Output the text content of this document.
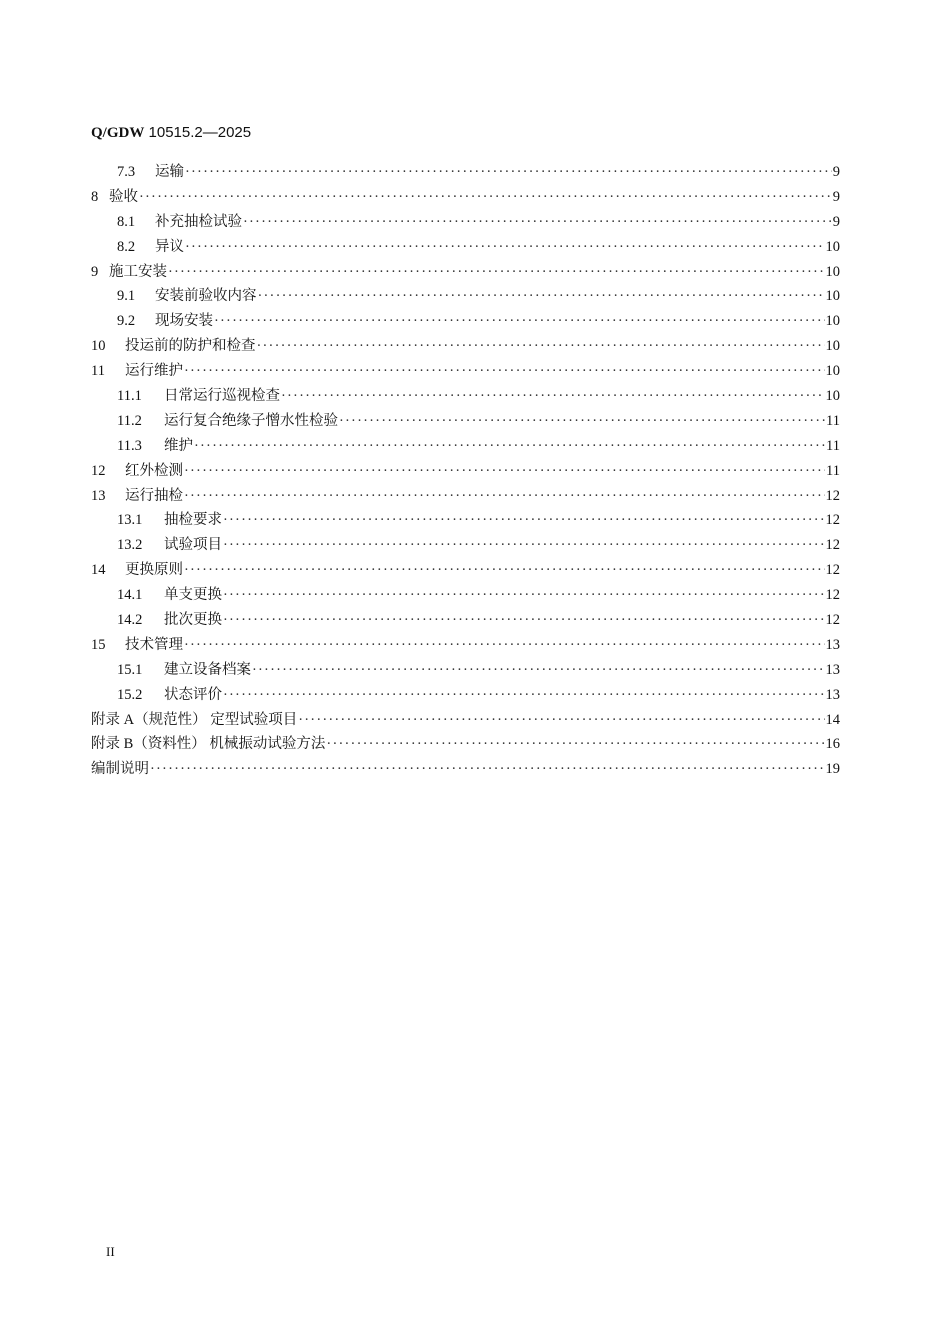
Q/GDW 10515.2—2025
7.3	运输 ·····	9
8 验收 ·····	9
8.1	补充抽检试验 ·····	9
8.2	异议 ·····	10
9 施工安装 ·····	10
9.1	安装前验收内容 ·····	10
9.2	现场安装 ·····	10
10	投运前的防护和检查 ·····	10
11	运行维护 ·····	10
11.1	日常运行巡视检查 ·····	10
11.2	运行复合绝缘子憎水性检验 ·····	11
11.3	维护 ·····	11
12	红外检测 ·····	11
13	运行抽检 ·····	12
13.1	抽检要求 ·····	12
13.2	试验项目 ·····	12
14	更换原则 ·····	12
14.1	单支更换 ·····	12
14.2	批次更换 ·····	12
15	技术管理 ·····	13
15.1	建立设备档案 ·····	13
15.2	状态评价 ·····	13
附录 A（规范性） 定型试验项目 ·····	14
附录 B（资料性） 机械振动试验方法 ·····	16
编制说明 ·····	19
II
